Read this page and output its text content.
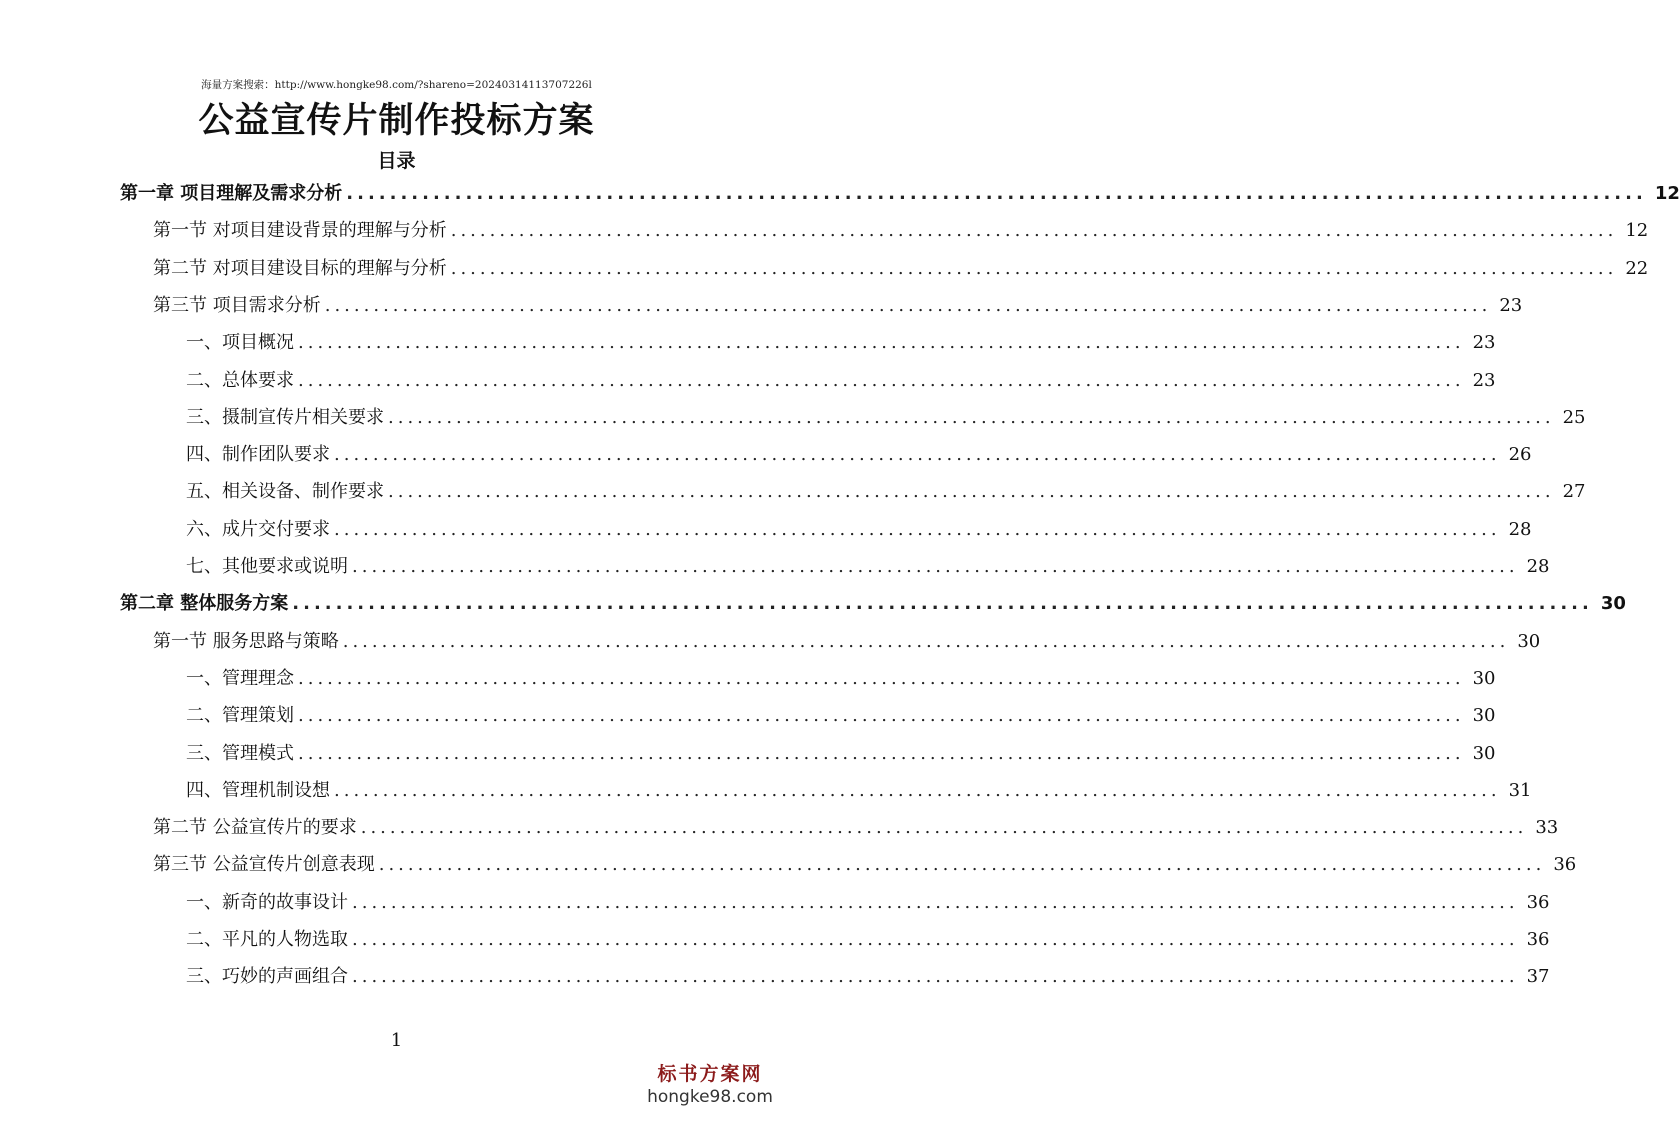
海量方案搜索：http://www.hongke98.com/?shareno=20240314113707226l
公益宣传片制作投标方案
目录
第一章 项目理解及需求分析 ........................................................................................................................ 12
第一节 对项目建设背景的理解与分析 ........................................................................................................................ 12
第二节 对项目建设目标的理解与分析 ........................................................................................................................ 22
第三节 项目需求分析 ........................................................................................................................ 23
一、项目概况 ........................................................................................................................ 23
二、总体要求 ........................................................................................................................ 23
三、摄制宣传片相关要求 ........................................................................................................................ 25
四、制作团队要求 ........................................................................................................................ 26
五、相关设备、制作要求 ........................................................................................................................ 27
六、成片交付要求 ........................................................................................................................ 28
七、其他要求或说明 ........................................................................................................................ 28
第二章 整体服务方案 ........................................................................................................................ 30
第一节 服务思路与策略 ........................................................................................................................ 30
一、管理理念 ........................................................................................................................ 30
二、管理策划 ........................................................................................................................ 30
三、管理模式 ........................................................................................................................ 30
四、管理机制设想 ........................................................................................................................ 31
第二节 公益宣传片的要求 ........................................................................................................................ 33
第三节 公益宣传片创意表现 ........................................................................................................................ 36
一、新奇的故事设计 ........................................................................................................................ 36
二、平凡的人物选取 ........................................................................................................................ 36
三、巧妙的声画组合 ........................................................................................................................ 37
1
标书方案网
hongke98.com
